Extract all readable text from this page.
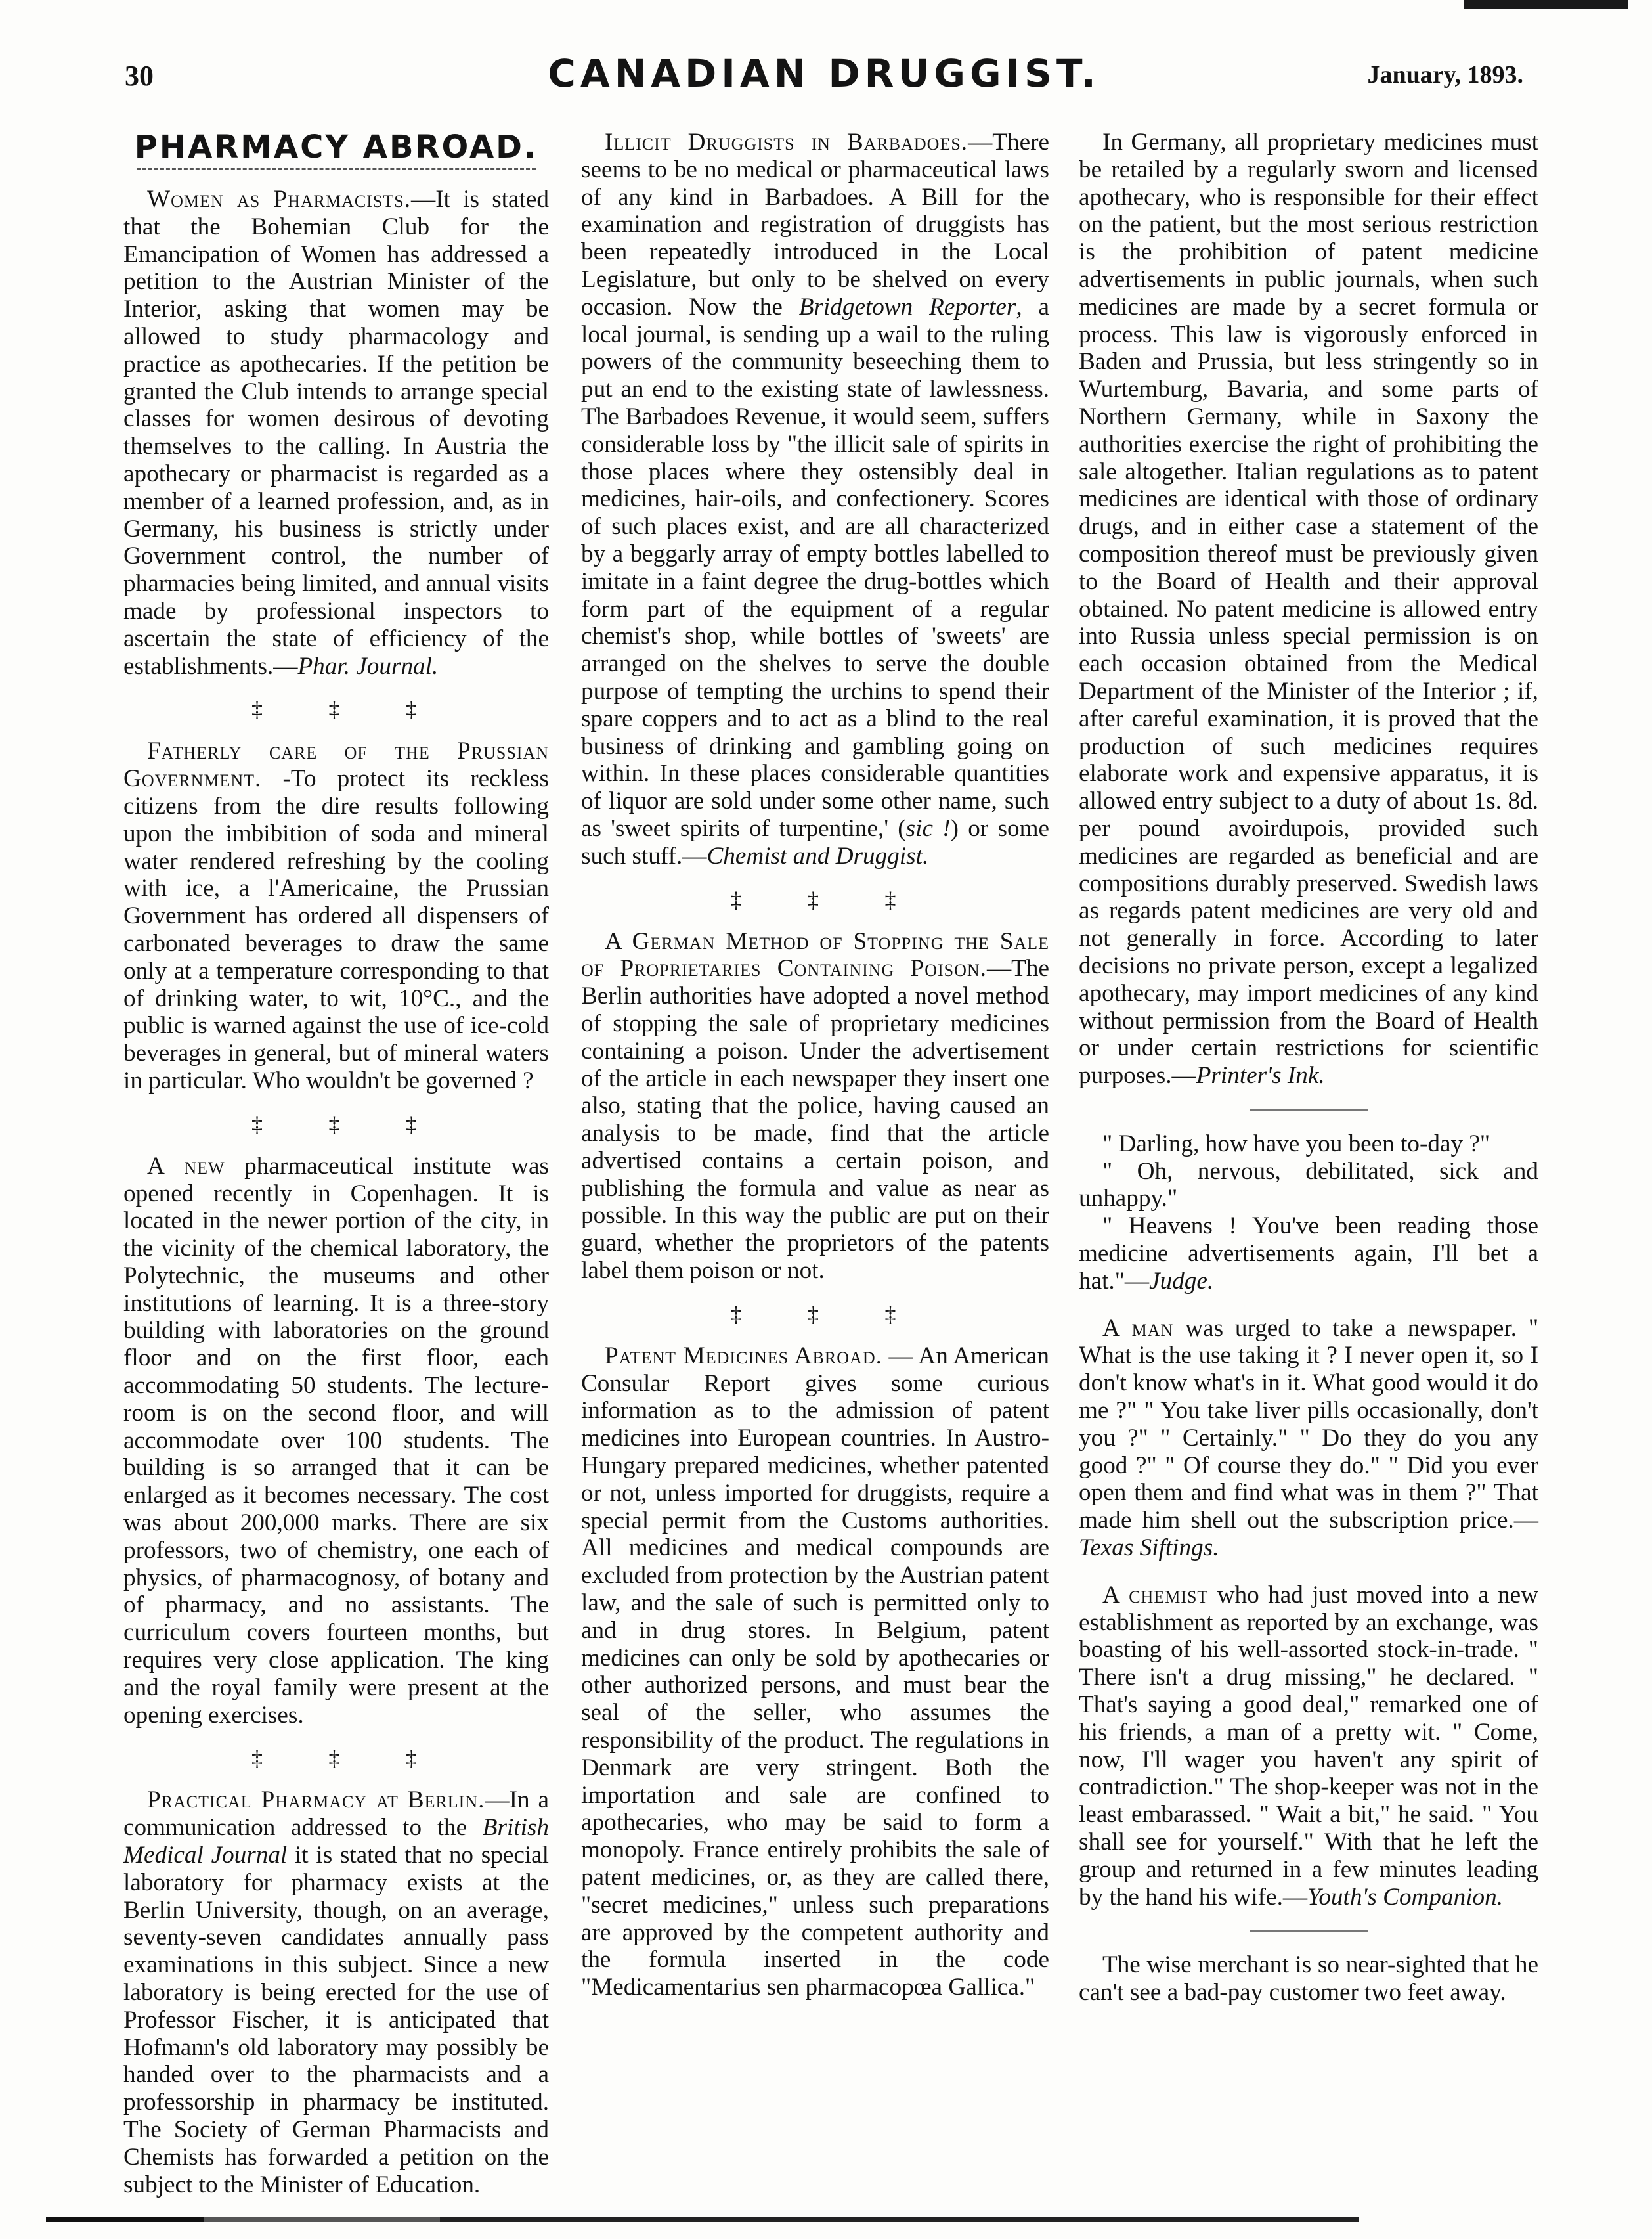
30	CANADIAN DRUGGIST.	January, 1893.
PHARMACY ABROAD.

Women as Pharmacists.—It is stated that the Bohemian Club for the Emancipation of Women has addressed a petition to the Austrian Minister of the Interior, asking that women may be allowed to study pharmacology and practice as apothecaries. If the petition be granted the Club intends to arrange special classes for women desirous of devoting themselves to the calling. In Austria the apothecary or pharmacist is regarded as a member of a learned profession, and, as in Germany, his business is strictly under Government control, the number of pharmacies being limited, and annual visits made by professional inspectors to ascertain the state of efficiency of the establishments.—Phar. Journal.

‡ ‡ ‡

Fatherly care of the Prussian Government. -To protect its reckless citizens from the dire results following upon the imbibition of soda and mineral water rendered refreshing by the cooling with ice, a l'Americaine, the Prussian Government has ordered all dispensers of carbonated beverages to draw the same only at a temperature corresponding to that of drinking water, to wit, 10°C., and the public is warned against the use of ice-cold beverages in general, but of mineral waters in particular. Who wouldn't be governed ?

‡ ‡ ‡

A new pharmaceutical institute was opened recently in Copenhagen. It is located in the newer portion of the city, in the vicinity of the chemical laboratory, the Polytechnic, the museums and other institutions of learning. It is a three-story building with laboratories on the ground floor and on the first floor, each accommodating 50 students. The lecture-room is on the second floor, and will accommodate over 100 students. The building is so arranged that it can be enlarged as it becomes necessary. The cost was about 200,000 marks. There are six professors, two of chemistry, one each of physics, of pharmacognosy, of botany and of pharmacy, and no assistants. The curriculum covers fourteen months, but requires very close application. The king and the royal family were present at the opening exercises.

‡ ‡ ‡

Practical Pharmacy at Berlin.—In a communication addressed to the British Medical Journal it is stated that no special laboratory for pharmacy exists at the Berlin University, though, on an average, seventy-seven candidates annually pass examinations in this subject. Since a new laboratory is being erected for the use of Professor Fischer, it is anticipated that Hofmann's old laboratory may possibly be handed over to the pharmacists and a professorship in pharmacy be instituted. The Society of German Pharmacists and Chemists has forwarded a petition on the subject to the Minister of Education.

Illicit Druggists in Barbadoes.—There seems to be no medical or pharmaceutical laws of any kind in Barbadoes. A Bill for the examination and registration of druggists has been repeatedly introduced in the Local Legislature, but only to be shelved on every occasion. Now the Bridgetown Reporter, a local journal, is sending up a wail to the ruling powers of the community beseeching them to put an end to the existing state of lawlessness. The Barbadoes Revenue, it would seem, suffers considerable loss by "the illicit sale of spirits in those places where they ostensibly deal in medicines, hair-oils, and confectionery. Scores of such places exist, and are all characterized by a beggarly array of empty bottles labelled to imitate in a faint degree the drug-bottles which form part of the equipment of a regular chemist's shop, while bottles of 'sweets' are arranged on the shelves to serve the double purpose of tempting the urchins to spend their spare coppers and to act as a blind to the real business of drinking and gambling going on within. In these places considerable quantities of liquor are sold under some other name, such as 'sweet spirits of turpentine,' (sic !) or some such stuff.—Chemist and Druggist.

‡ ‡ ‡

A German Method of Stopping the Sale of Proprietaries Containing Poison.—The Berlin authorities have adopted a novel method of stopping the sale of proprietary medicines containing a poison. Under the advertisement of the article in each newspaper they insert one also, stating that the police, having caused an analysis to be made, find that the article advertised contains a certain poison, and publishing the formula and value as near as possible. In this way the public are put on their guard, whether the proprietors of the patents label them poison or not.

‡ ‡ ‡

Patent Medicines Abroad. — An American Consular Report gives some curious information as to the admission of patent medicines into European countries. In Austro-Hungary prepared medicines, whether patented or not, unless imported for druggists, require a special permit from the Customs authorities. All medicines and medical compounds are excluded from protection by the Austrian patent law, and the sale of such is permitted only to and in drug stores. In Belgium, patent medicines can only be sold by apothecaries or other authorized persons, and must bear the seal of the seller, who assumes the responsibility of the product. The regulations in Denmark are very stringent. Both the importation and sale are confined to apothecaries, who may be said to form a monopoly. France entirely prohibits the sale of patent medicines, or, as they are called there, "secret medicines," unless such preparations are approved by the competent authority and the formula inserted in the code "Medicamentarius sen pharmacopœa Gallica."

In Germany, all proprietary medicines must be retailed by a regularly sworn and licensed apothecary, who is responsible for their effect on the patient, but the most serious restriction is the prohibition of patent medicine advertisements in public journals, when such medicines are made by a secret formula or process. This law is vigorously enforced in Baden and Prussia, but less stringently so in Wurtemburg, Bavaria, and some parts of Northern Germany, while in Saxony the authorities exercise the right of prohibiting the sale altogether. Italian regulations as to patent medicines are identical with those of ordinary drugs, and in either case a statement of the composition thereof must be previously given to the Board of Health and their approval obtained. No patent medicine is allowed entry into Russia unless special permission is on each occasion obtained from the Medical Department of the Minister of the Interior ; if, after careful examination, it is proved that the production of such medicines requires elaborate work and expensive apparatus, it is allowed entry subject to a duty of about 1s. 8d. per pound avoirdupois, provided such medicines are regarded as beneficial and are compositions durably preserved. Swedish laws as regards patent medicines are very old and not generally in force. According to later decisions no private person, except a legalized apothecary, may import medicines of any kind without permission from the Board of Health or under certain restrictions for scientific purposes.—Printer's Ink.

" Darling, how have you been to-day ?"

" Oh, nervous, debilitated, sick and unhappy."

" Heavens ! You've been reading those medicine advertisements again, I'll bet a hat."—Judge.

A man was urged to take a newspaper. " What is the use taking it ? I never open it, so I don't know what's in it. What good would it do me ?" " You take liver pills occasionally, don't you ?" " Certainly." " Do they do you any good ?" " Of course they do." " Did you ever open them and find what was in them ?" That made him shell out the subscription price.—Texas Siftings.

A chemist who had just moved into a new establishment as reported by an exchange, was boasting of his well-assorted stock-in-trade. " There isn't a drug missing," he declared. " That's saying a good deal," remarked one of his friends, a man of a pretty wit. " Come, now, I'll wager you haven't any spirit of contradiction." The shop-keeper was not in the least embarassed. " Wait a bit," he said. " You shall see for yourself." With that he left the group and returned in a few minutes leading by the hand his wife.—Youth's Companion.

The wise merchant is so near-sighted that he can't see a bad-pay customer two feet away.
